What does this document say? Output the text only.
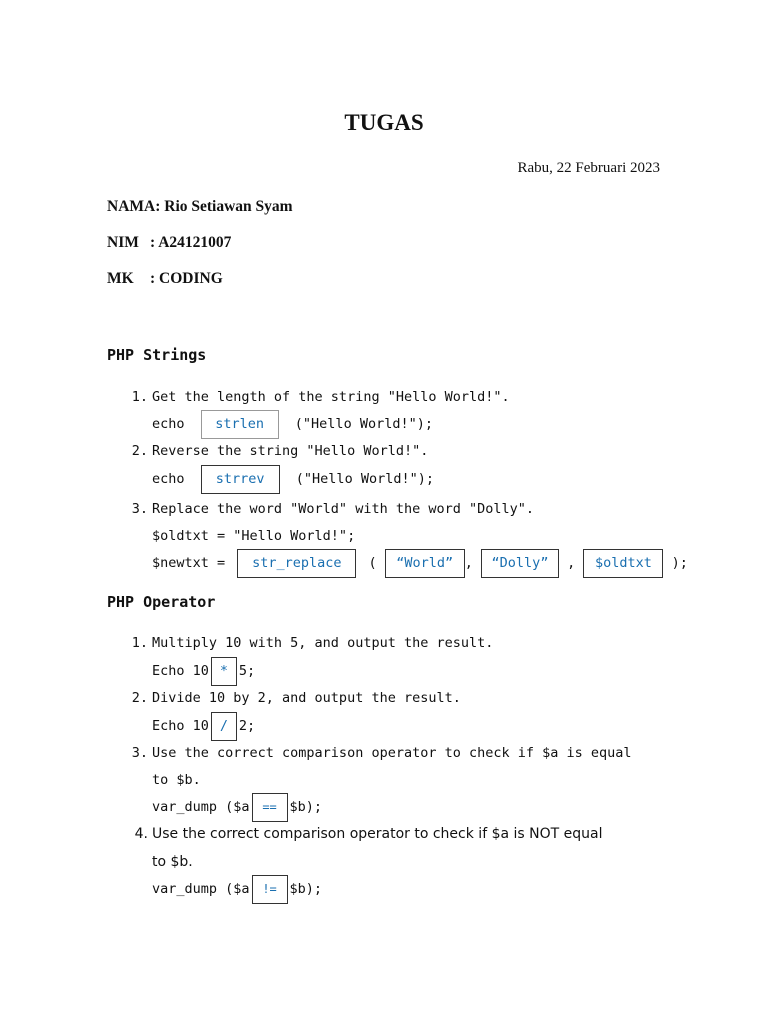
TUGAS
Rabu, 22 Februari 2023
NAMA: Rio Setiawan Syam
NIM : A24121007
MK : CODING
PHP Strings
1. Get the length of the string "Hello World!".
echo strlen ("Hello World!");
2. Reverse the string "Hello World!".
echo strrev ("Hello World!");
3. Replace the word "World" with the word "Dolly".
$oldtxt = "Hello World!";
$newtxt = str_replace ( “World” , “Dolly” , $oldtxt );
PHP Operator
1. Multiply 10 with 5, and output the result.
Echo 10 * 5;
2. Divide 10 by 2, and output the result.
Echo 10 / 2;
3. Use the correct comparison operator to check if $a is equal
to $b.
var_dump ($a == $b);
4. Use the correct comparison operator to check if $a is NOT equal
to $b.
var_dump ($a != $b);
